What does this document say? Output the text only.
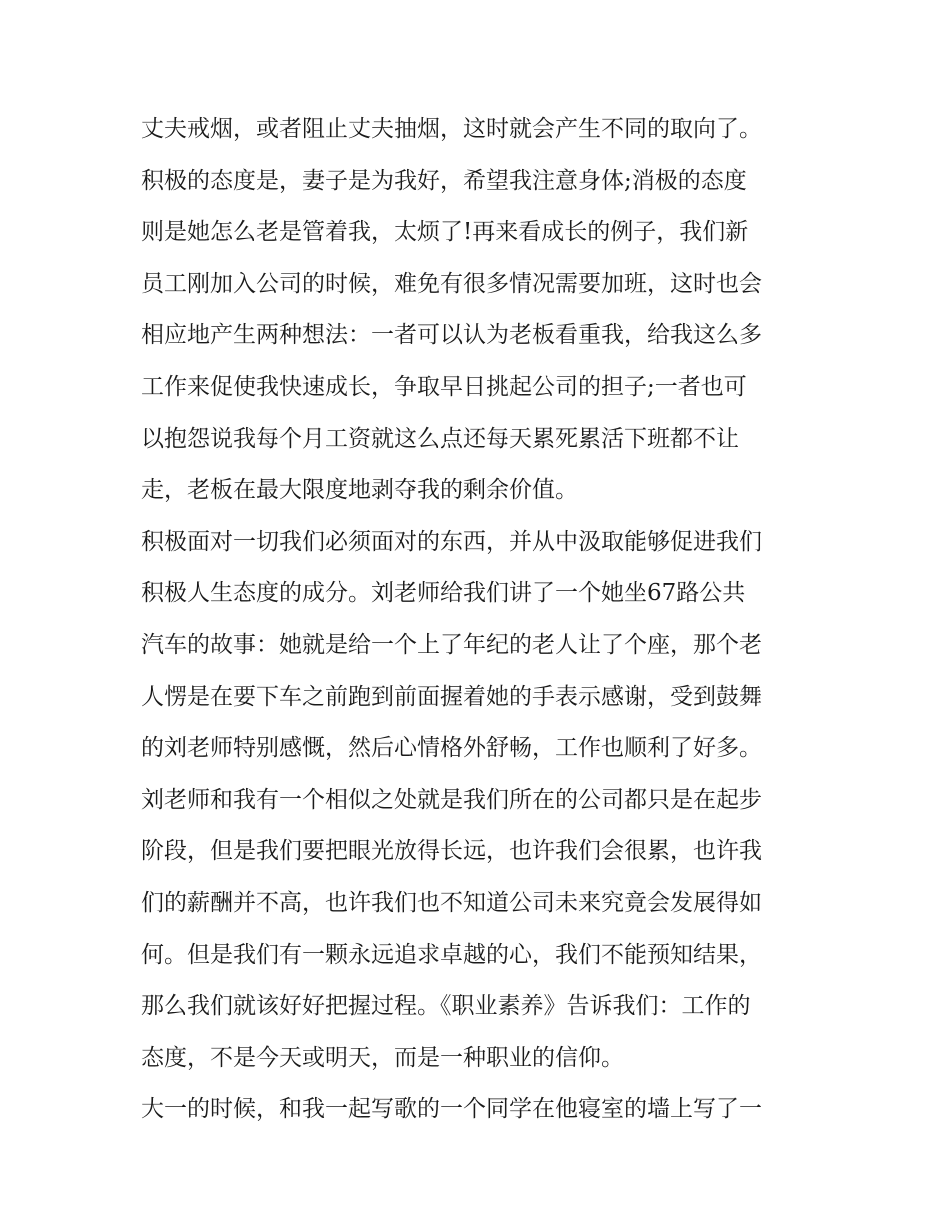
丈夫戒烟，或者阻止丈夫抽烟，这时就会产生不同的取向了。
积极的态度是，妻子是为我好，希望我注意身体;消极的态度
则是她怎么老是管着我，太烦了!再来看成长的例子，我们新
员工刚加入公司的时候，难免有很多情况需要加班，这时也会
相应地产生两种想法：一者可以认为老板看重我，给我这么多
工作来促使我快速成长，争取早日挑起公司的担子;一者也可
以抱怨说我每个月工资就这么点还每天累死累活下班都不让
走，老板在最大限度地剥夺我的剩余价值。
积极面对一切我们必须面对的东西，并从中汲取能够促进我们
积极人生态度的成分。刘老师给我们讲了一个她坐67路公共
汽车的故事：她就是给一个上了年纪的老人让了个座，那个老
人愣是在要下车之前跑到前面握着她的手表示感谢，受到鼓舞
的刘老师特别感慨，然后心情格外舒畅，工作也顺利了好多。
刘老师和我有一个相似之处就是我们所在的公司都只是在起步
阶段，但是我们要把眼光放得长远，也许我们会很累，也许我
们的薪酬并不高，也许我们也不知道公司未来究竟会发展得如
何。但是我们有一颗永远追求卓越的心，我们不能预知结果，
那么我们就该好好把握过程。《职业素养》告诉我们：工作的
态度，不是今天或明天，而是一种职业的信仰。
大一的时候，和我一起写歌的一个同学在他寝室的墙上写了一
